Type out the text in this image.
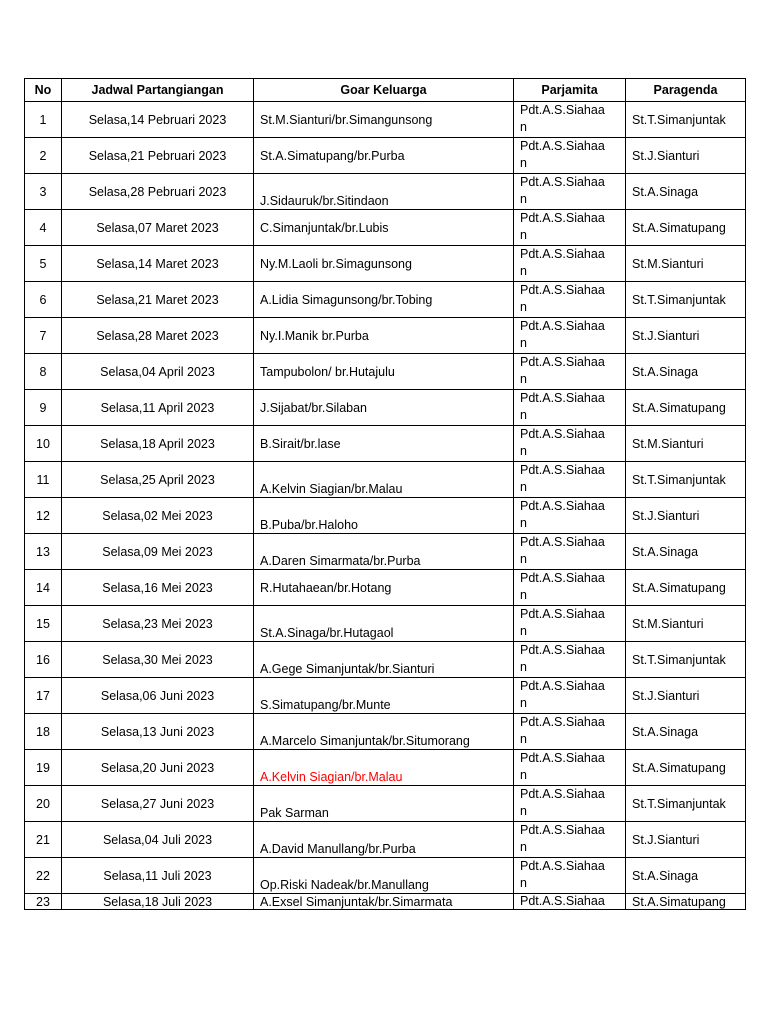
No	Jadwal Partangiangan	Goar Keluarga	Parjamita	Paragenda
1	Selasa,14 Pebruari 2023	St.M.Sianturi/br.Simangunsong	Pdt.A.S.Siahaan	St.T.Simanjuntak
2	Selasa,21 Pebruari 2023	St.A.Simatupang/br.Purba	Pdt.A.S.Siahaan	St.J.Sianturi
3	Selasa,28 Pebruari 2023	J.Sidauruk/br.Sitindaon	Pdt.A.S.Siahaan	St.A.Sinaga
4	Selasa,07 Maret 2023	C.Simanjuntak/br.Lubis	Pdt.A.S.Siahaan	St.A.Simatupang
5	Selasa,14 Maret 2023	Ny.M.Laoli br.Simagunsong	Pdt.A.S.Siahaan	St.M.Sianturi
6	Selasa,21 Maret 2023	A.Lidia Simagunsong/br.Tobing	Pdt.A.S.Siahaan	St.T.Simanjuntak
7	Selasa,28 Maret 2023	Ny.I.Manik br.Purba	Pdt.A.S.Siahaan	St.J.Sianturi
8	Selasa,04 April 2023	Tampubolon/ br.Hutajulu	Pdt.A.S.Siahaan	St.A.Sinaga
9	Selasa,11 April 2023	J.Sijabat/br.Silaban	Pdt.A.S.Siahaan	St.A.Simatupang
10	Selasa,18 April 2023	B.Sirait/br.lase	Pdt.A.S.Siahaan	St.M.Sianturi
11	Selasa,25 April 2023	A.Kelvin Siagian/br.Malau	Pdt.A.S.Siahaan	St.T.Simanjuntak
12	Selasa,02 Mei 2023	B.Puba/br.Haloho	Pdt.A.S.Siahaan	St.J.Sianturi
13	Selasa,09 Mei 2023	A.Daren Simarmata/br.Purba	Pdt.A.S.Siahaan	St.A.Sinaga
14	Selasa,16 Mei 2023	R.Hutahaean/br.Hotang	Pdt.A.S.Siahaan	St.A.Simatupang
15	Selasa,23 Mei 2023	St.A.Sinaga/br.Hutagaol	Pdt.A.S.Siahaan	St.M.Sianturi
16	Selasa,30 Mei 2023	A.Gege Simanjuntak/br.Sianturi	Pdt.A.S.Siahaan	St.T.Simanjuntak
17	Selasa,06 Juni 2023	S.Simatupang/br.Munte	Pdt.A.S.Siahaan	St.J.Sianturi
18	Selasa,13 Juni 2023	A.Marcelo Simanjuntak/br.Situmorang	Pdt.A.S.Siahaan	St.A.Sinaga
19	Selasa,20 Juni 2023	A.Kelvin Siagian/br.Malau	Pdt.A.S.Siahaan	St.A.Simatupang
20	Selasa,27 Juni 2023	Pak Sarman	Pdt.A.S.Siahaan	St.T.Simanjuntak
21	Selasa,04 Juli 2023	A.David Manullang/br.Purba	Pdt.A.S.Siahaan	St.J.Sianturi
22	Selasa,11 Juli 2023	Op.Riski Nadeak/br.Manullang	Pdt.A.S.Siahaan	St.A.Sinaga
23	Selasa,18 Juli 2023	A.Exsel Simanjuntak/br.Simarmata	Pdt.A.S.Siahaa	St.A.Simatupang
